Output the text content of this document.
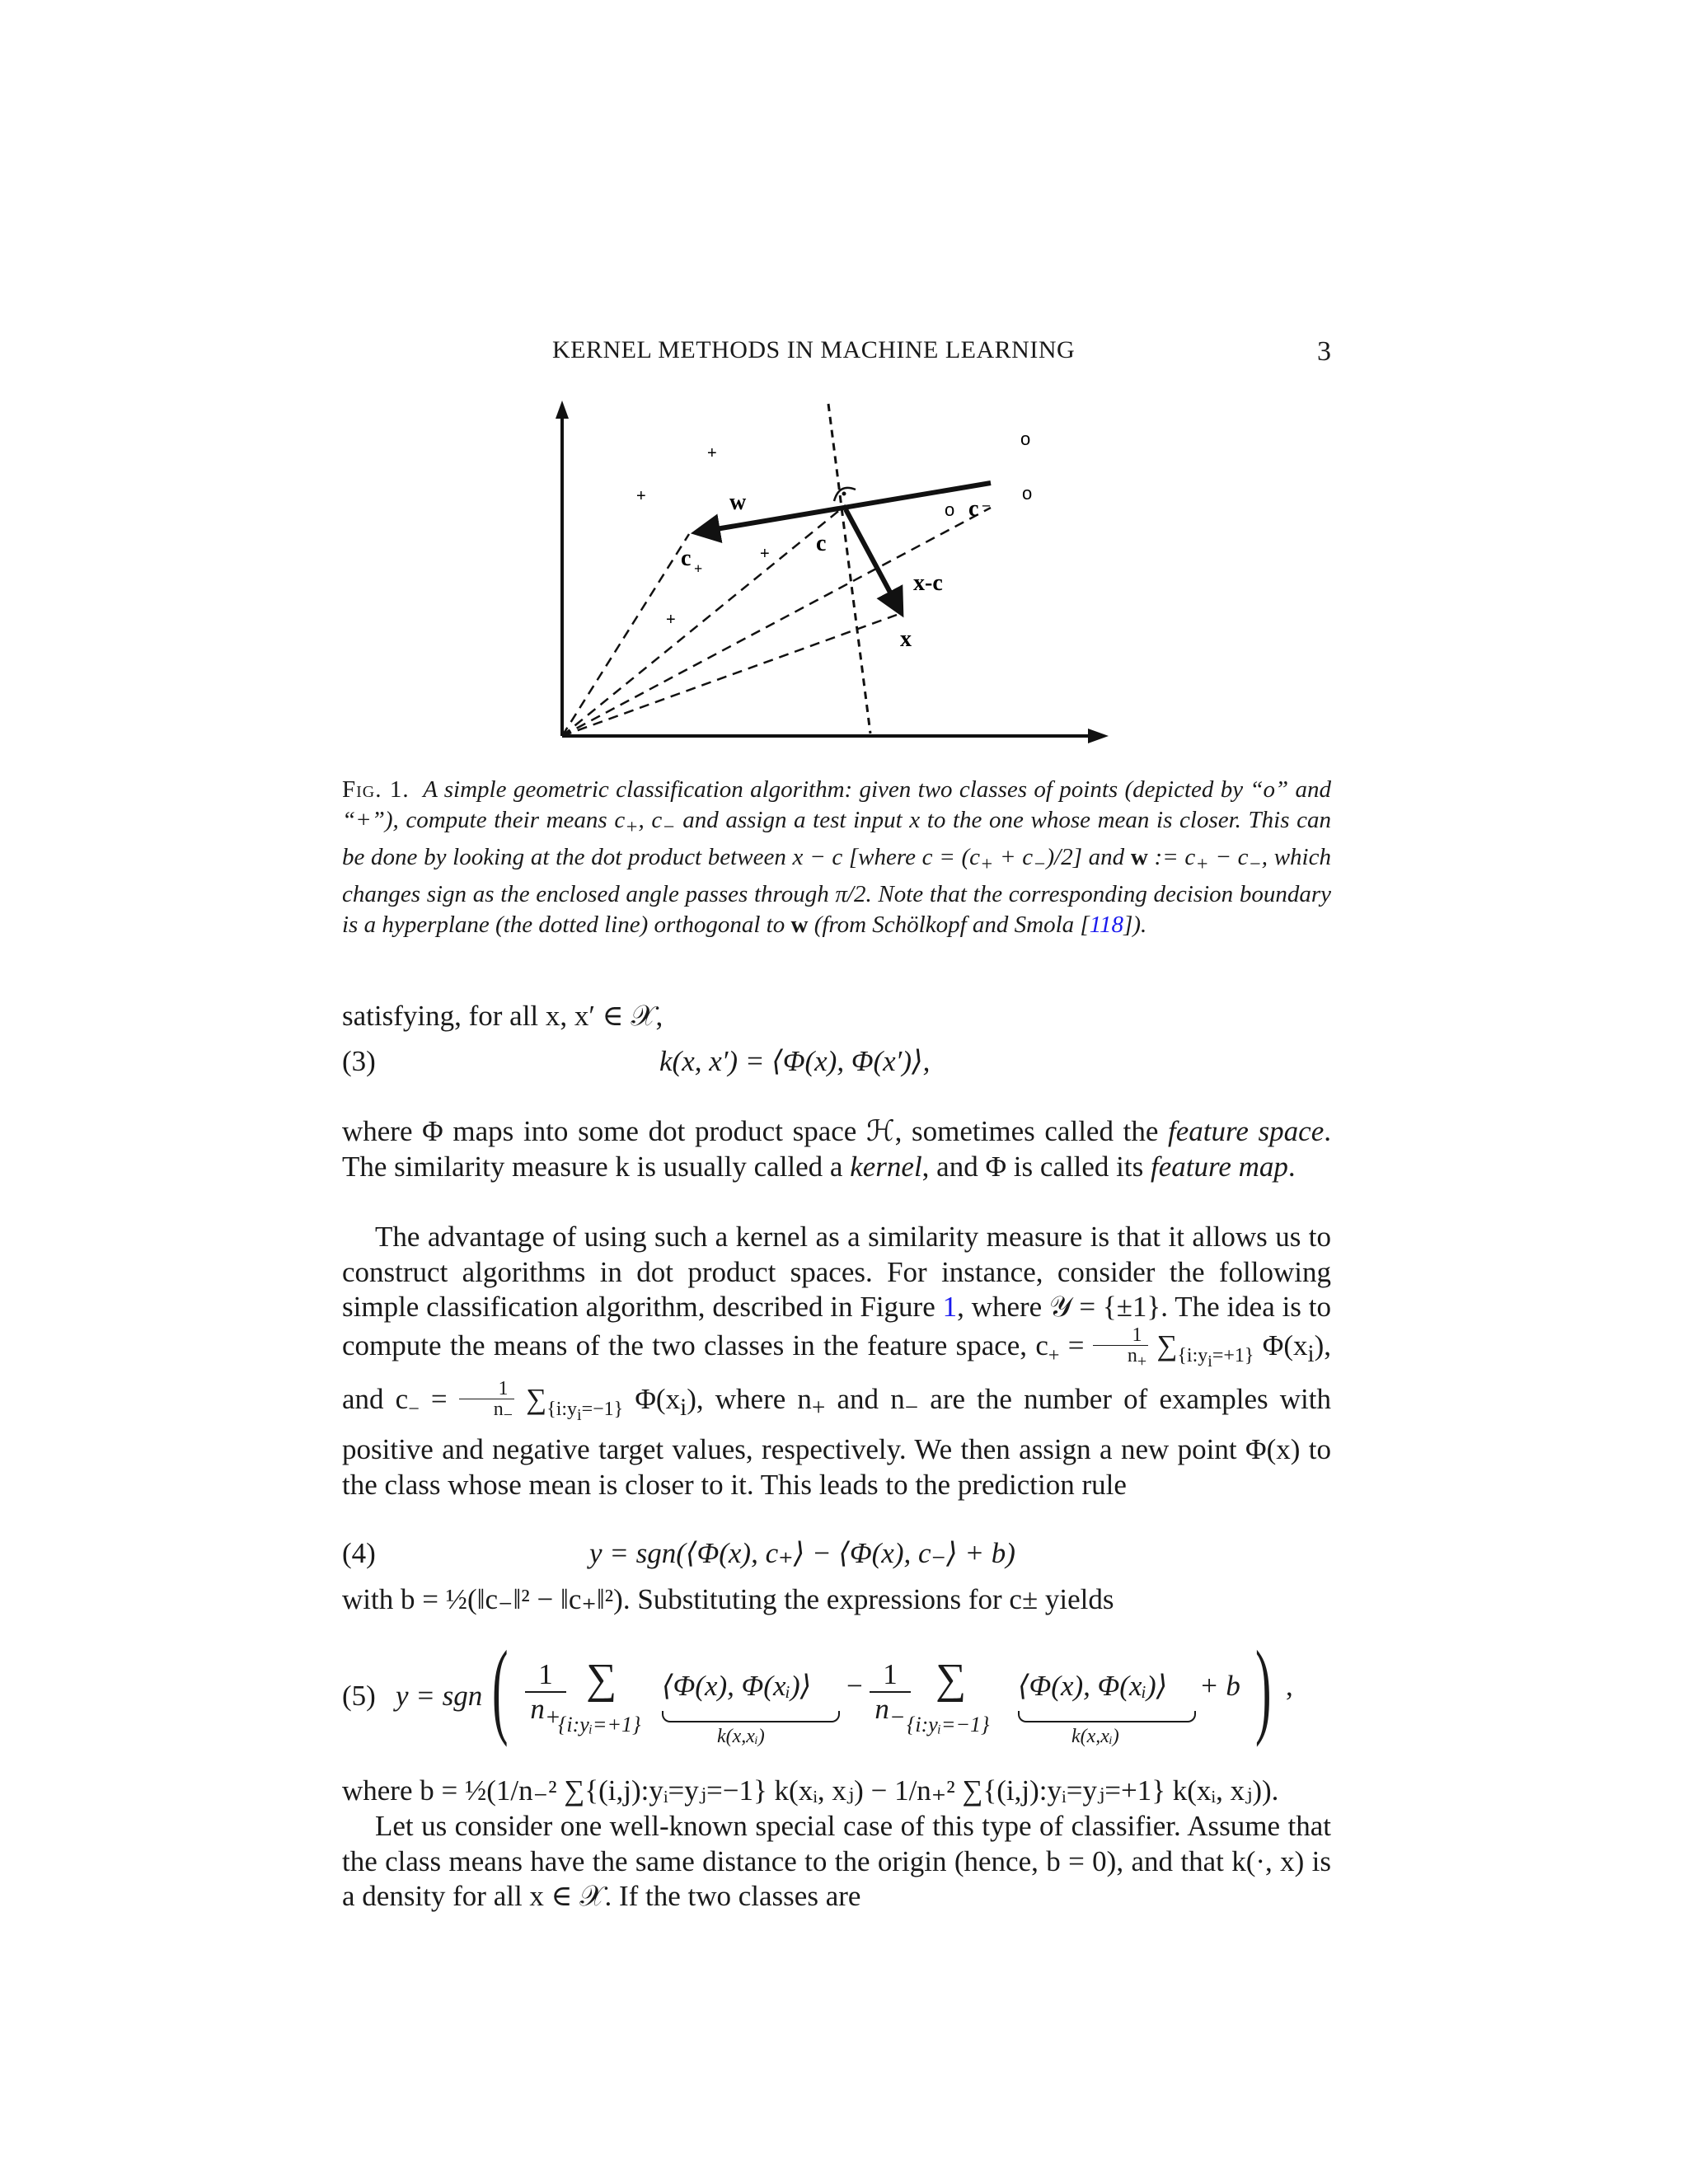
KERNEL METHODS IN MACHINE LEARNING	3
+
+
+
+
o
o
o
w
c +
c
c –
x-c
x
Fig. 1. A simple geometric classification algorithm: given two classes of points (depicted by “o” and “+”), compute their means $c_+$, $c_-$ and assign a test input x to the one whose mean is closer. This can be done by looking at the dot product between x − c [where $c = (c_+ + c_-)/2$] and w := $c_+ - c_-$, which changes sign as the enclosed angle passes through π/2. Note that the corresponding decision boundary is a hyperplane (the dotted line) orthogonal to w (from Schölkopf and Smola [118]).
satisfying, for all x, x′ ∈ 𝒳,
(3)	k(x, x′) = ⟨Φ(x), Φ(x′)⟩,
where Φ maps into some dot product space ℋ, sometimes called the feature space. The similarity measure k is usually called a kernel, and Φ is called its feature map.
The advantage of using such a kernel as a similarity measure is that it allows us to construct algorithms in dot product spaces. For instance, consider the following simple classification algorithm, described in Figure 1, where 𝒴 = {±1}. The idea is to compute the means of the two classes in the feature space, $c_+ = \frac{1}{n_+} \sum_{\{i:y_i=+1\}}$ $\Phi(x_i)$, and $c_- = \frac{1}{n_-} \sum_{\{i:y_i=-1\}}$ $\Phi(x_i)$, where $n_+$ and $n_-$ are the number of examples with positive and negative target values, respectively. We then assign a new point Φ(x) to the class whose mean is closer to it. This leads to the prediction rule
(4)	y = sgn(⟨Φ(x), c₊⟩ − ⟨Φ(x), c₋⟩ + b)
with b = ½(‖c₋‖² − ‖c₊‖²). Substituting the expressions for c± yields
(5) y = sgn (	1
$n_+$
∑
{i:yᵢ=+1}
⟨Φ(x), Φ(xᵢ)⟩
k(x,xᵢ)
− 1
$n_-$
∑
{i:yᵢ=−1}
⟨Φ(x), Φ(xᵢ)⟩
k(x,xᵢ)
+ b ) ,
where b = ½(1/n₋² ∑{(i,j):yᵢ=yⱼ=−1} k(xᵢ, xⱼ) − 1/n₊² ∑{(i,j):yᵢ=yⱼ=+1} k(xᵢ, xⱼ)).
Let us consider one well-known special case of this type of classifier. Assume that the class means have the same distance to the origin (hence, b = 0), and that k(·, x) is a density for all x ∈ 𝒳. If the two classes are
